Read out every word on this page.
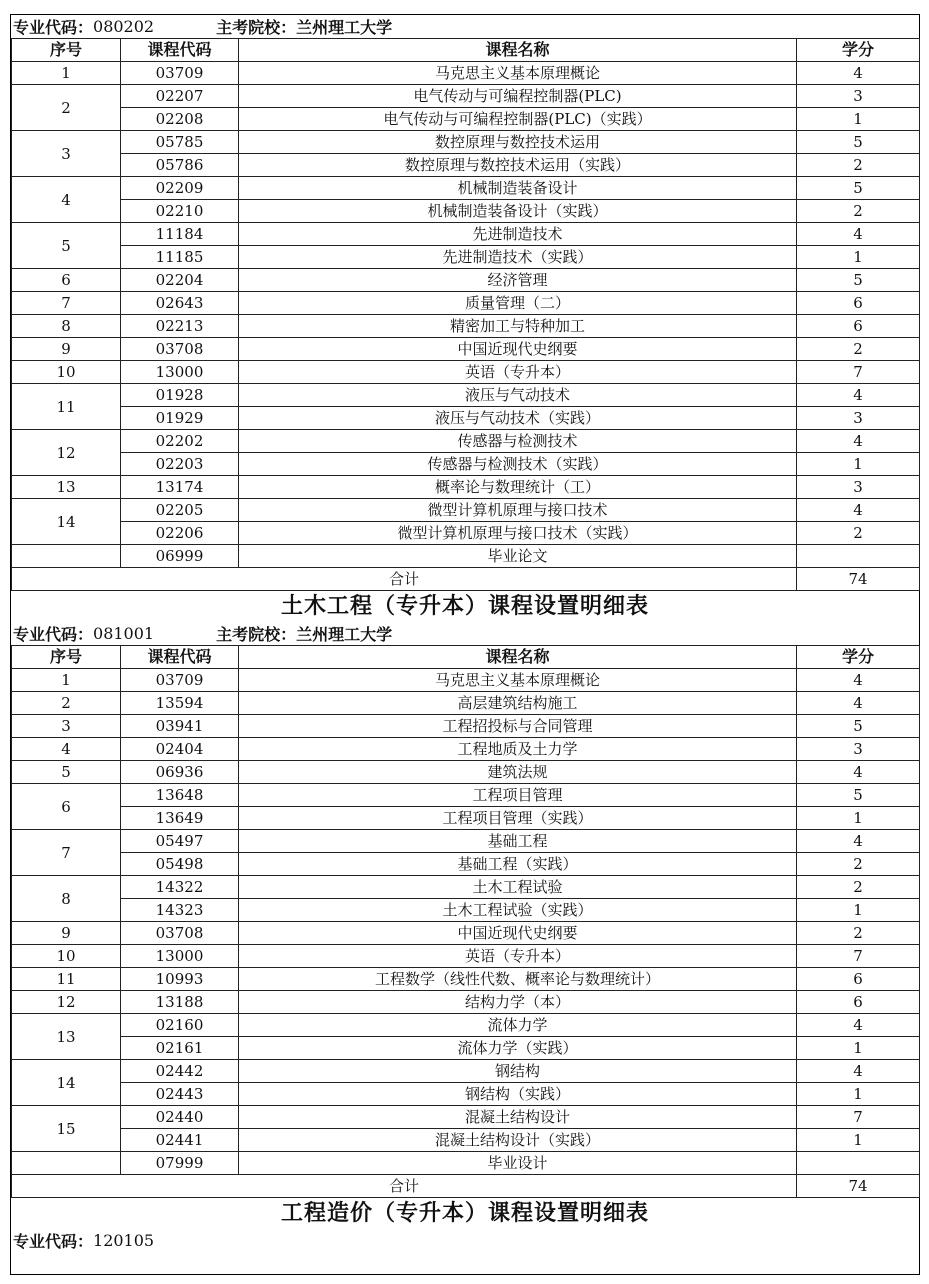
专业代码： 080202	主考院校： 兰州理工大学
序号	课程代码	课程名称	学分
1	03709	马克思主义基本原理概论	4
2	02207	电气传动与可编程控制器(PLC)	3
	02208	电气传动与可编程控制器(PLC)（实践）	1
3	05785	数控原理与数控技术运用	5
	05786	数控原理与数控技术运用（实践）	2
4	02209	机械制造装备设计	5
	02210	机械制造装备设计（实践）	2
5	11184	先进制造技术	4
	11185	先进制造技术（实践）	1
6	02204	经济管理	5
7	02643	质量管理（二）	6
8	02213	精密加工与特种加工	6
9	03708	中国近现代史纲要	2
10	13000	英语（专升本）	7
11	01928	液压与气动技术	4
	01929	液压与气动技术（实践）	3
12	02202	传感器与检测技术	4
	02203	传感器与检测技术（实践）	1
13	13174	概率论与数理统计（工）	3
14	02205	微型计算机原理与接口技术	4
	02206	微型计算机原理与接口技术（实践）	2
	06999	毕业论文	
合计			74
土木工程（专升本）课程设置明细表
专业代码： 081001	主考院校： 兰州理工大学
序号	课程代码	课程名称	学分
1	03709	马克思主义基本原理概论	4
2	13594	高层建筑结构施工	4
3	03941	工程招投标与合同管理	5
4	02404	工程地质及土力学	3
5	06936	建筑法规	4
6	13648	工程项目管理	5
	13649	工程项目管理（实践）	1
7	05497	基础工程	4
	05498	基础工程（实践）	2
8	14322	土木工程试验	2
	14323	土木工程试验（实践）	1
9	03708	中国近现代史纲要	2
10	13000	英语（专升本）	7
11	10993	工程数学（线性代数、概率论与数理统计）	6
12	13188	结构力学（本）	6
13	02160	流体力学	4
	02161	流体力学（实践）	1
14	02442	钢结构	4
	02443	钢结构（实践）	1
15	02440	混凝土结构设计	7
	02441	混凝土结构设计（实践）	1
	07999	毕业设计	
合计			74
工程造价（专升本）课程设置明细表
专业代码： 120105
